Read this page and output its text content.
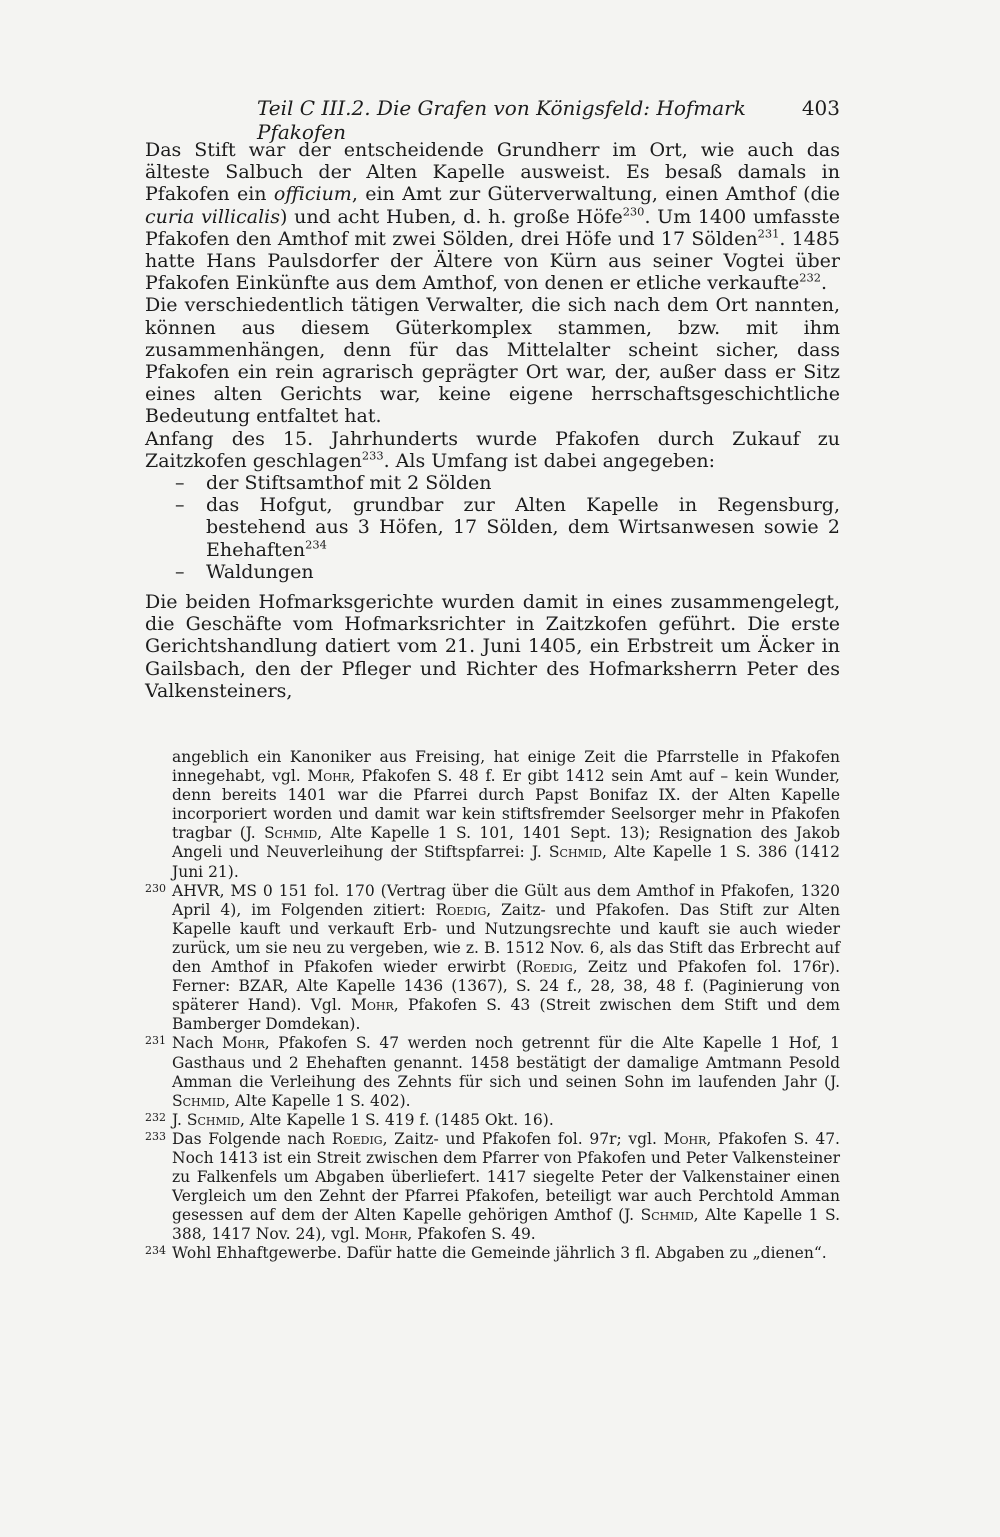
Teil C III.2. Die Grafen von Königsfeld: Hofmark Pfakofen
403

Das Stift war der entscheidende Grundherr im Ort, wie auch das älteste Salbuch der Alten Kapelle ausweist. Es besaß damals in Pfakofen ein officium, ein Amt zur Güterverwaltung, einen Amthof (die curia villicalis) und acht Huben, d. h. große Höfe$^{230}$. Um 1400 umfasste Pfakofen den Amthof mit zwei Sölden, drei Höfe und 17 Sölden$^{231}$. 1485 hatte Hans Paulsdorfer der Ältere von Kürn aus seiner Vogtei über Pfakofen Einkünfte aus dem Amthof, von denen er etliche verkaufte$^{232}$.

Die verschiedentlich tätigen Verwalter, die sich nach dem Ort nannten, können aus diesem Güterkomplex stammen, bzw. mit ihm zusammenhängen, denn für das Mittelalter scheint sicher, dass Pfakofen ein rein agrarisch geprägter Ort war, der, außer dass er Sitz eines alten Gerichts war, keine eigene herrschaftsgeschichtliche Bedeutung entfaltet hat.

Anfang des 15. Jahrhunderts wurde Pfakofen durch Zukauf zu Zaitzkofen geschlagen$^{233}$. Als Umfang ist dabei angegeben:

– der Stiftsamthof mit 2 Sölden
– das Hofgut, grundbar zur Alten Kapelle in Regensburg, bestehend aus 3 Höfen, 17 Sölden, dem Wirtsanwesen sowie 2 Ehehaften$^{234}$
– Waldungen

Die beiden Hofmarksgerichte wurden damit in eines zusammengelegt, die Geschäfte vom Hofmarksrichter in Zaitzkofen geführt. Die erste Gerichtshandlung datiert vom 21. Juni 1405, ein Erbstreit um Äcker in Gailsbach, den der Pfleger und Richter des Hofmarksherrn Peter des Valkensteiners,

angeblich ein Kanoniker aus Freising, hat einige Zeit die Pfarrstelle in Pfakofen innegehabt, vgl. Mohr, Pfakofen S. 48 f. Er gibt 1412 sein Amt auf – kein Wunder, denn bereits 1401 war die Pfarrei durch Papst Bonifaz IX. der Alten Kapelle incorporiert worden und damit war kein stiftsfremder Seelsorger mehr in Pfakofen tragbar (J. Schmid, Alte Kapelle 1 S. 101, 1401 Sept. 13); Resignation des Jakob Angeli und Neuverleihung der Stiftspfarrei: J. Schmid, Alte Kapelle 1 S. 386 (1412 Juni 21).

230 AHVR, MS 0 151 fol. 170 (Vertrag über die Gült aus dem Amthof in Pfakofen, 1320 April 4), im Folgenden zitiert: Roedig, Zaitz- und Pfakofen. Das Stift zur Alten Kapelle kauft und verkauft Erb- und Nutzungsrechte und kauft sie auch wieder zurück, um sie neu zu vergeben, wie z. B. 1512 Nov. 6, als das Stift das Erbrecht auf den Amthof in Pfakofen wieder erwirbt (Roedig, Zeitz und Pfakofen fol. 176r). Ferner: BZAR, Alte Kapelle 1436 (1367), S. 24 f., 28, 38, 48 f. (Paginierung von späterer Hand). Vgl. Mohr, Pfakofen S. 43 (Streit zwischen dem Stift und dem Bamberger Domdekan).

231 Nach Mohr, Pfakofen S. 47 werden noch getrennt für die Alte Kapelle 1 Hof, 1 Gasthaus und 2 Ehehaften genannt. 1458 bestätigt der damalige Amtmann Pesold Amman die Verleihung des Zehnts für sich und seinen Sohn im laufenden Jahr (J. Schmid, Alte Kapelle 1 S. 402).

232 J. Schmid, Alte Kapelle 1 S. 419 f. (1485 Okt. 16).

233 Das Folgende nach Roedig, Zaitz- und Pfakofen fol. 97r; vgl. Mohr, Pfakofen S. 47. Noch 1413 ist ein Streit zwischen dem Pfarrer von Pfakofen und Peter Valkensteiner zu Falkenfels um Abgaben überliefert. 1417 siegelte Peter der Valkenstainer einen Vergleich um den Zehnt der Pfarrei Pfakofen, beteiligt war auch Perchtold Amman gesessen auf dem der Alten Kapelle gehörigen Amthof (J. Schmid, Alte Kapelle 1 S. 388, 1417 Nov. 24), vgl. Mohr, Pfakofen S. 49.

234 Wohl Ehhaftgewerbe. Dafür hatte die Gemeinde jährlich 3 fl. Abgaben zu „dienen“.
